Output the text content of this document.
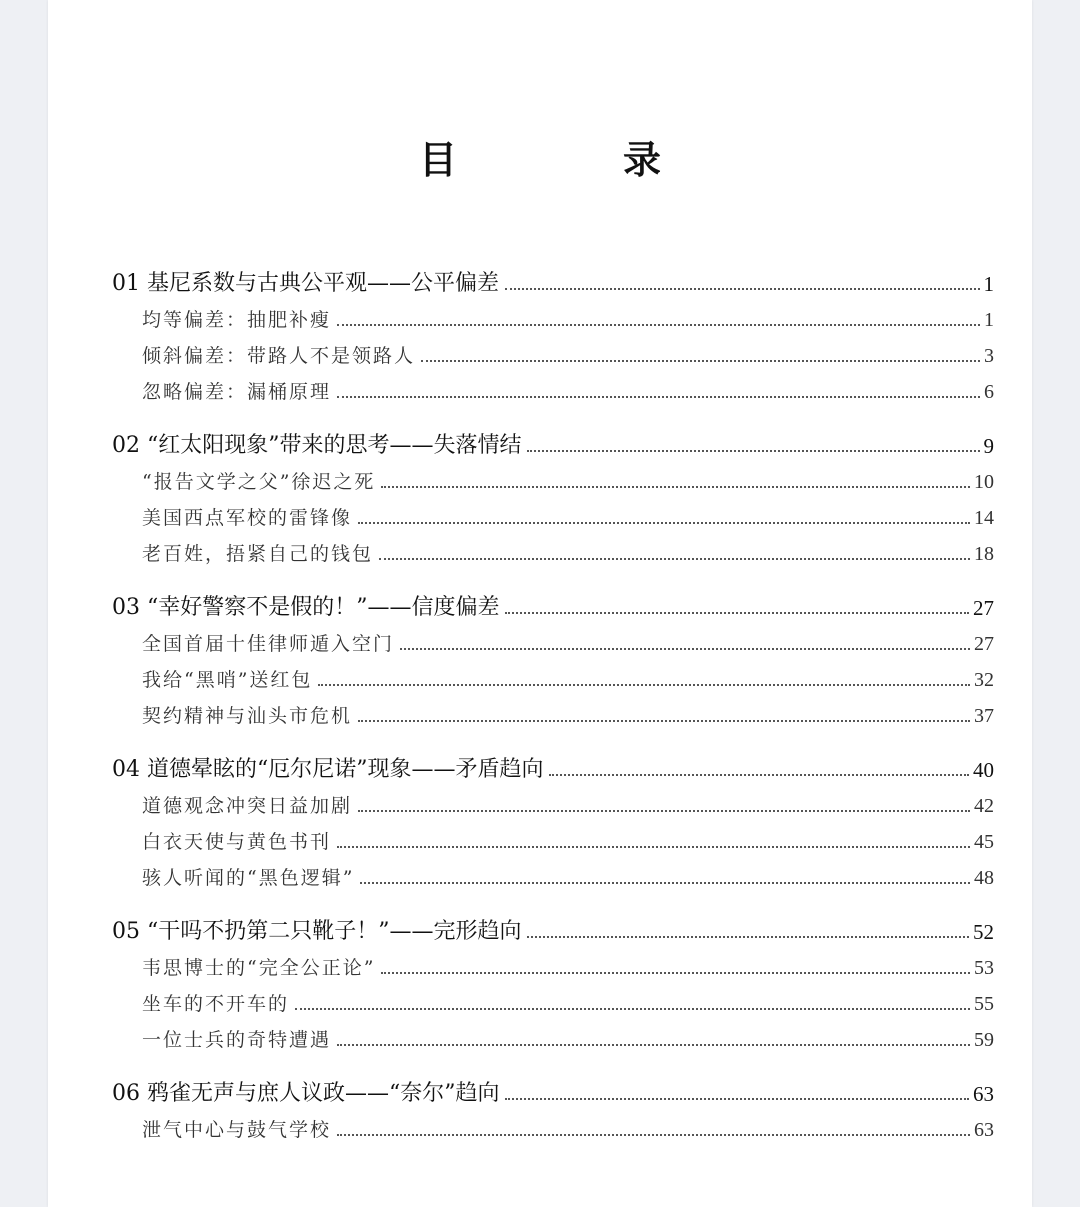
目　录
01 基尼系数与古典公平观——公平偏差	1
均等偏差：抽肥补瘦	1
倾斜偏差：带路人不是领路人	3
忽略偏差：漏桶原理	6
02 “红太阳现象”带来的思考——失落情结	9
“报告文学之父”徐迟之死	10
美国西点军校的雷锋像	14
老百姓，捂紧自己的钱包	18
03 “幸好警察不是假的！”——信度偏差	27
全国首届十佳律师遁入空门	27
我给“黑哨”送红包	32
契约精神与汕头市危机	37
04 道德晕眩的“厄尔尼诺”现象——矛盾趋向	40
道德观念冲突日益加剧	42
白衣天使与黄色书刊	45
骇人听闻的“黑色逻辑”	48
05 “干吗不扔第二只靴子！”——完形趋向	52
韦思博士的“完全公正论”	53
坐车的不开车的	55
一位士兵的奇特遭遇	59
06 鸦雀无声与庶人议政——“奈尔”趋向	63
泄气中心与鼓气学校	63
